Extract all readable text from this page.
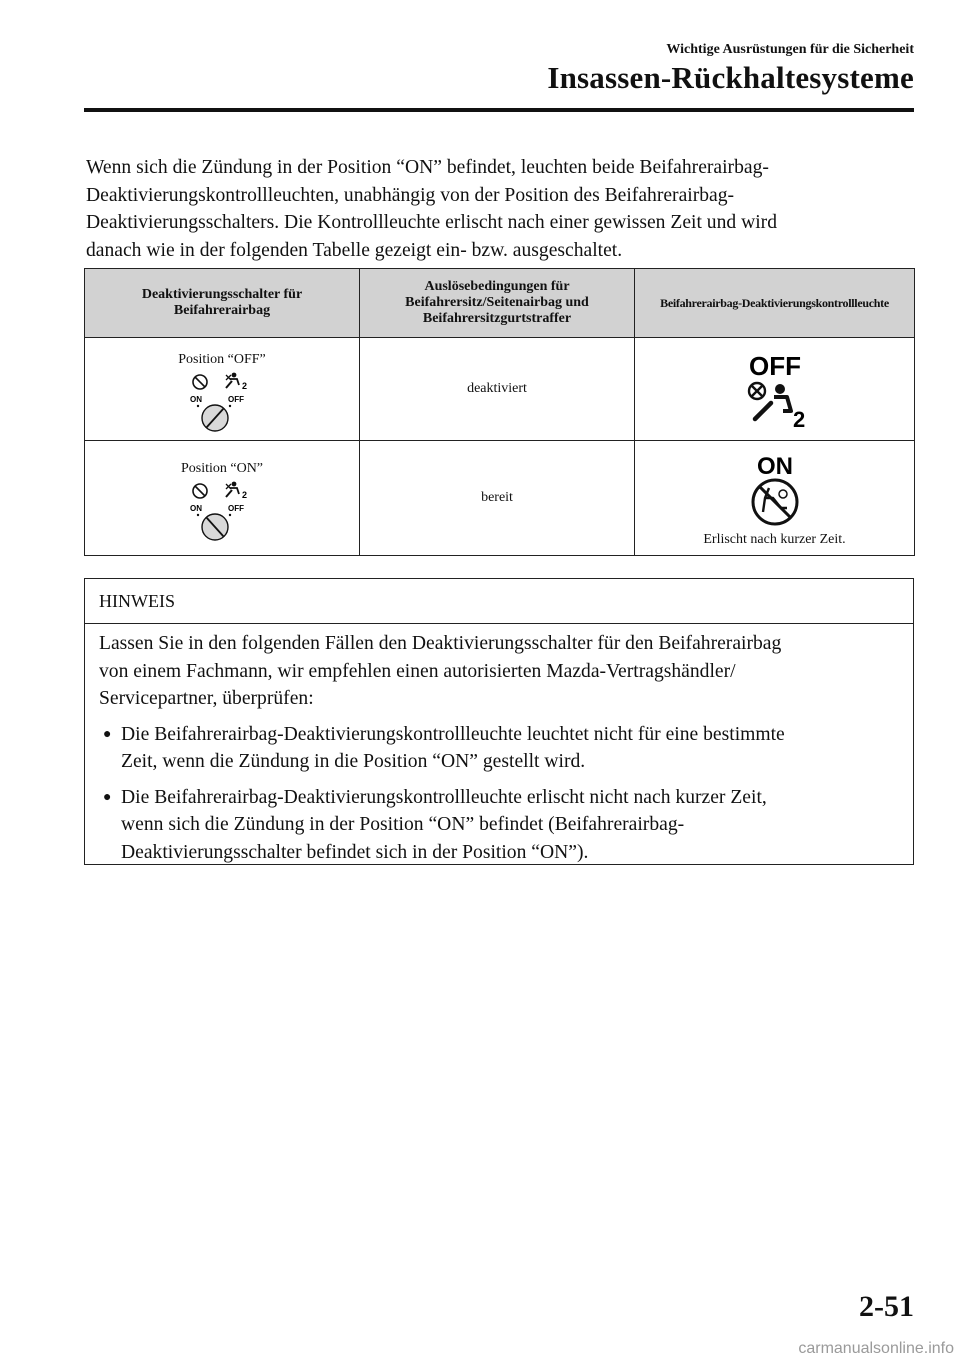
Wichtige Ausrüstungen für die Sicherheit
Insassen-Rückhaltesysteme
Wenn sich die Zündung in der Position “ON” befindet, leuchten beide Beifahrerairbag-
Deaktivierungskontrollleuchten, unabhängig von der Position des Beifahrerairbag-
Deaktivierungsschalters. Die Kontrollleuchte erlischt nach einer gewissen Zeit und wird
danach wie in der folgenden Tabelle gezeigt ein- bzw. ausgeschaltet.
Deaktivierungsschalter für Beifahrerairbag	Auslösebedingungen für Beifahrersitz/Seitenairbag und Beifahrersitzgurtstraffer	Beifahrerairbag-Deaktivierungskontrollleuchte

Position “OFF”
2
ON OFF	deaktiviert	OFF
2

Position “ON”
2
ON OFF	bereit	ON
Erlischt nach kurzer Zeit.
HINWEIS
Lassen Sie in den folgenden Fällen den Deaktivierungsschalter für den Beifahrerairbag
von einem Fachmann, wir empfehlen einen autorisierten Mazda-Vertragshändler/
Servicepartner, überprüfen:
● Die Beifahrerairbag-Deaktivierungskontrollleuchte leuchtet nicht für eine bestimmte
Zeit, wenn die Zündung in die Position “ON” gestellt wird.
● Die Beifahrerairbag-Deaktivierungskontrollleuchte erlischt nicht nach kurzer Zeit,
wenn sich die Zündung in der Position “ON” befindet (Beifahrerairbag-
Deaktivierungsschalter befindet sich in der Position “ON”).
2-51
carmanualsonline.info
